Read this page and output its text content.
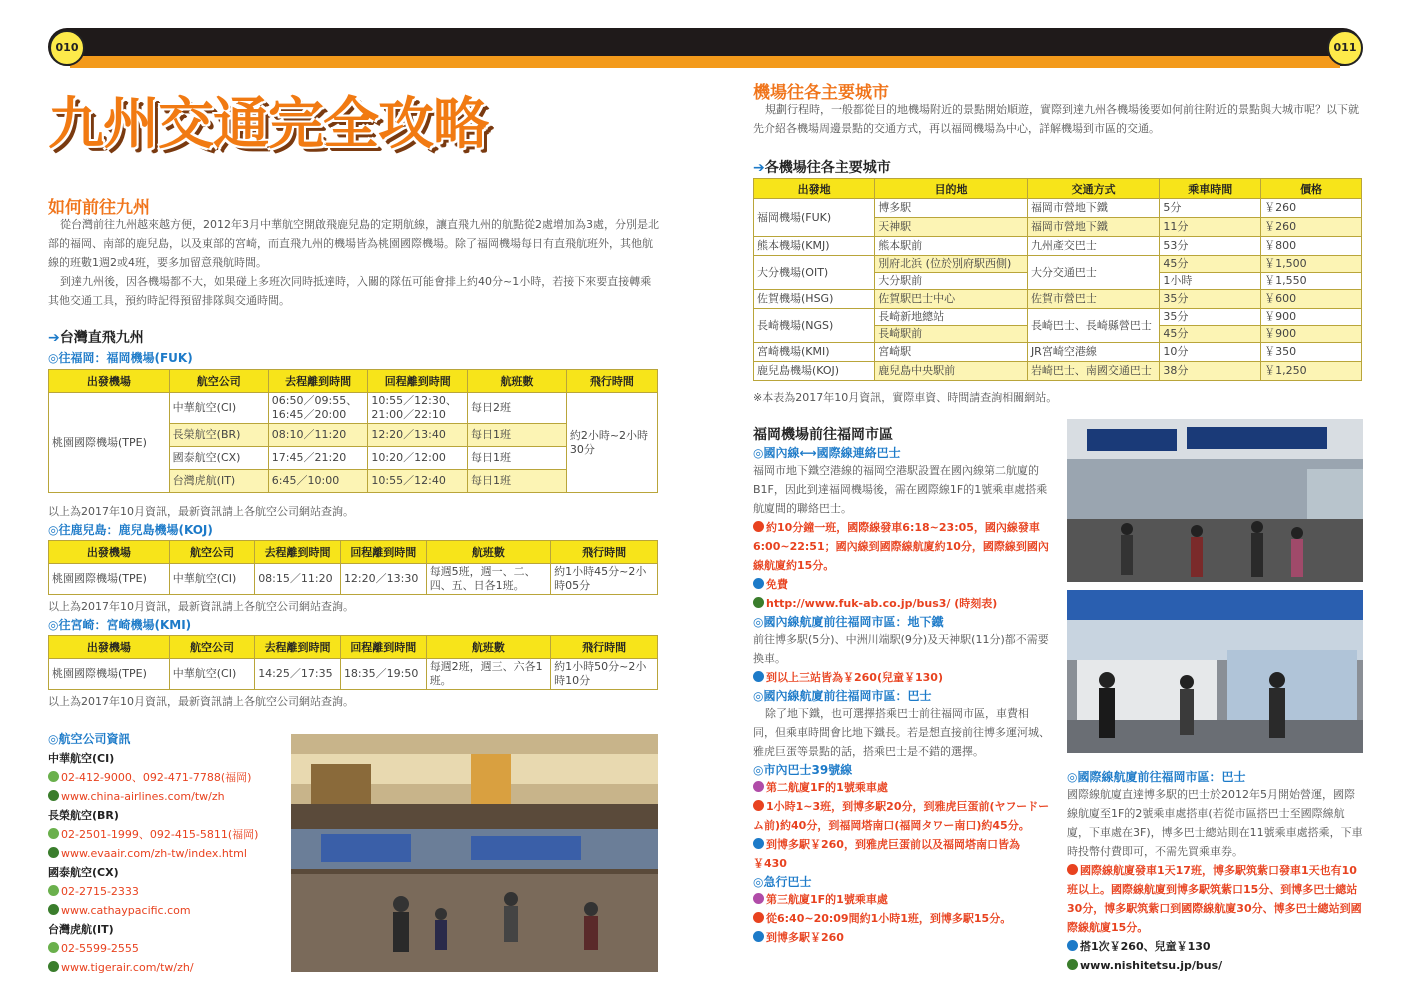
010	011
九州交通完全攻略
如何前往九州
從台灣前往九州越來越方便，2012年3月中華航空開啟飛鹿兒島的定期航線，讓直飛九州的航點從2處增加為3處，分別是北部的福岡、南部的鹿兒島，以及東部的宮崎，而直飛九州的機場皆為桃園國際機場。除了福岡機場每日有直飛航班外，其他航線的班數1週2或4班，要多加留意飛航時間。
到達九州後，因各機場都不大，如果碰上多班次同時抵達時，入關的隊伍可能會排上約40分~1小時，若接下來要直接轉乘其他交通工具，預約時記得預留排隊與交通時間。
➔台灣直飛九州
◎往福岡：福岡機場(FUK)
出發機場	航空公司	去程離到時間	回程離到時間	航班數	飛行時間
桃園國際機場(TPE)	中華航空(CI)	06:50／09:55、16:45／20:00	10:55／12:30、21:00／22:10	每日2班	約2小時~2小時30分
	長榮航空(BR)	08:10／11:20	12:20／13:40	每日1班	
	國泰航空(CX)	17:45／21:20	10:20／12:00	每日1班	
	台灣虎航(IT)	6:45／10:00	10:55／12:40	每日1班	
以上為2017年10月資訊，最新資訊請上各航空公司網站查詢。
◎往鹿兒島：鹿兒島機場(KOJ)
出發機場	航空公司	去程離到時間	回程離到時間	航班數	飛行時間
桃園國際機場(TPE)	中華航空(CI)	08:15／11:20	12:20／13:30	每週5班，週一、二、四、五、日各1班。	約1小時45分~2小時05分
以上為2017年10月資訊，最新資訊請上各航空公司網站查詢。
◎往宮崎：宮崎機場(KMI)
出發機場	航空公司	去程離到時間	回程離到時間	航班數	飛行時間
桃園國際機場(TPE)	中華航空(CI)	14:25／17:35	18:35／19:50	每週2班，週三、六各1班。	約1小時50分~2小時10分
以上為2017年10月資訊，最新資訊請上各航空公司網站查詢。
◎航空公司資訊
中華航空(CI)
02-412-9000、092-471-7788(福岡)
www.china-airlines.com/tw/zh
長榮航空(BR)
02-2501-1999、092-415-5811(福岡)
www.evaair.com/zh-tw/index.html
國泰航空(CX)
02-2715-2333
www.cathaypacific.com
台灣虎航(IT)
02-5599-2555
www.tigerair.com/tw/zh/
機場往各主要城市
規劃行程時，一般都從目的地機場附近的景點開始順遊，實際到達九州各機場後要如何前往附近的景點與大城市呢？以下就先介紹各機場周邊景點的交通方式，再以福岡機場為中心，詳解機場到市區的交通。
➔各機場往各主要城市
出發地	目的地	交通方式	乘車時間	價格
福岡機場(FUK)	博多駅	福岡市營地下鐵	5分	￥260
	天神駅	福岡市營地下鐵	11分	￥260
熊本機場(KMJ)	熊本駅前	九州產交巴士	53分	￥800
大分機場(OIT)	別府北浜 (位於別府駅西側)	大分交通巴士	45分	￥1,500
	大分駅前		1小時	￥1,550
佐賀機場(HSG)	佐賀駅巴士中心	佐賀市營巴士	35分	￥600
長崎機場(NGS)	長崎新地總站	長崎巴士、長崎縣營巴士	35分	￥900
	長崎駅前		45分	￥900
宮崎機場(KMI)	宮崎駅	JR宮崎空港線	10分	￥350
鹿兒島機場(KOJ)	鹿兒島中央駅前	岩崎巴士、南國交通巴士	38分	￥1,250
※本表為2017年10月資訊，實際車資、時間請查詢相關網站。
福岡機場前往福岡市區
◎國內線⟷國際線連絡巴士
福岡市地下鐵空港線的福岡空港駅設置在國內線第二航廈的B1F，因此到達福岡機場後，需在國際線1F的1號乘車處搭乘航廈間的聯絡巴士。
約10分鐘一班，國際線發車6:18~23:05，國內線發車6:00~22:51；國內線到國際線航廈約10分，國際線到國內線航廈約15分。
免費
http://www.fuk-ab.co.jp/bus3/ (時刻表)
◎國內線航廈前往福岡市區：地下鐵
前往博多駅(5分)、中洲川端駅(9分)及天神駅(11分)都不需要換車。
到以上三站皆為￥260(兒童￥130)
◎國內線航廈前往福岡市區：巴士
除了地下鐵，也可選擇搭乘巴士前往福岡市區，車費相同，但乘車時間會比地下鐵長。若是想直接前往博多運河城、雅虎巨蛋等景點的話，搭乘巴士是不錯的選擇。
◎市內巴士39號線
第二航廈1F的1號乘車處
1小時1~3班，到博多駅20分，到雅虎巨蛋前(ヤフードーム前)約40分，到福岡塔南口(福岡タワー南口)約45分。
到博多駅￥260，到雅虎巨蛋前以及福岡塔南口皆為￥430
◎急行巴士
第三航廈1F的1號乘車處
從6:40~20:09間約1小時1班，到博多駅15分。
到博多駅￥260
◎國際線航廈前往福岡市區：巴士
國際線航廈直達博多駅的巴士於2012年5月開始營運，國際線航廈至1F的2號乘車處搭車(若從市區搭巴士至國際線航廈，下車處在3F)，博多巴士總站則在11號乘車處搭乘，下車時投幣付費即可，不需先買乘車券。
國際線航廈發車1天17班，博多駅筑紫口發車1天也有10班以上。國際線航廈到博多駅筑紫口15分、到博多巴士總站30分，博多駅筑紫口到國際線航廈30分、博多巴士總站到國際線航廈15分。
搭1次￥260、兒童￥130
www.nishitetsu.jp/bus/
